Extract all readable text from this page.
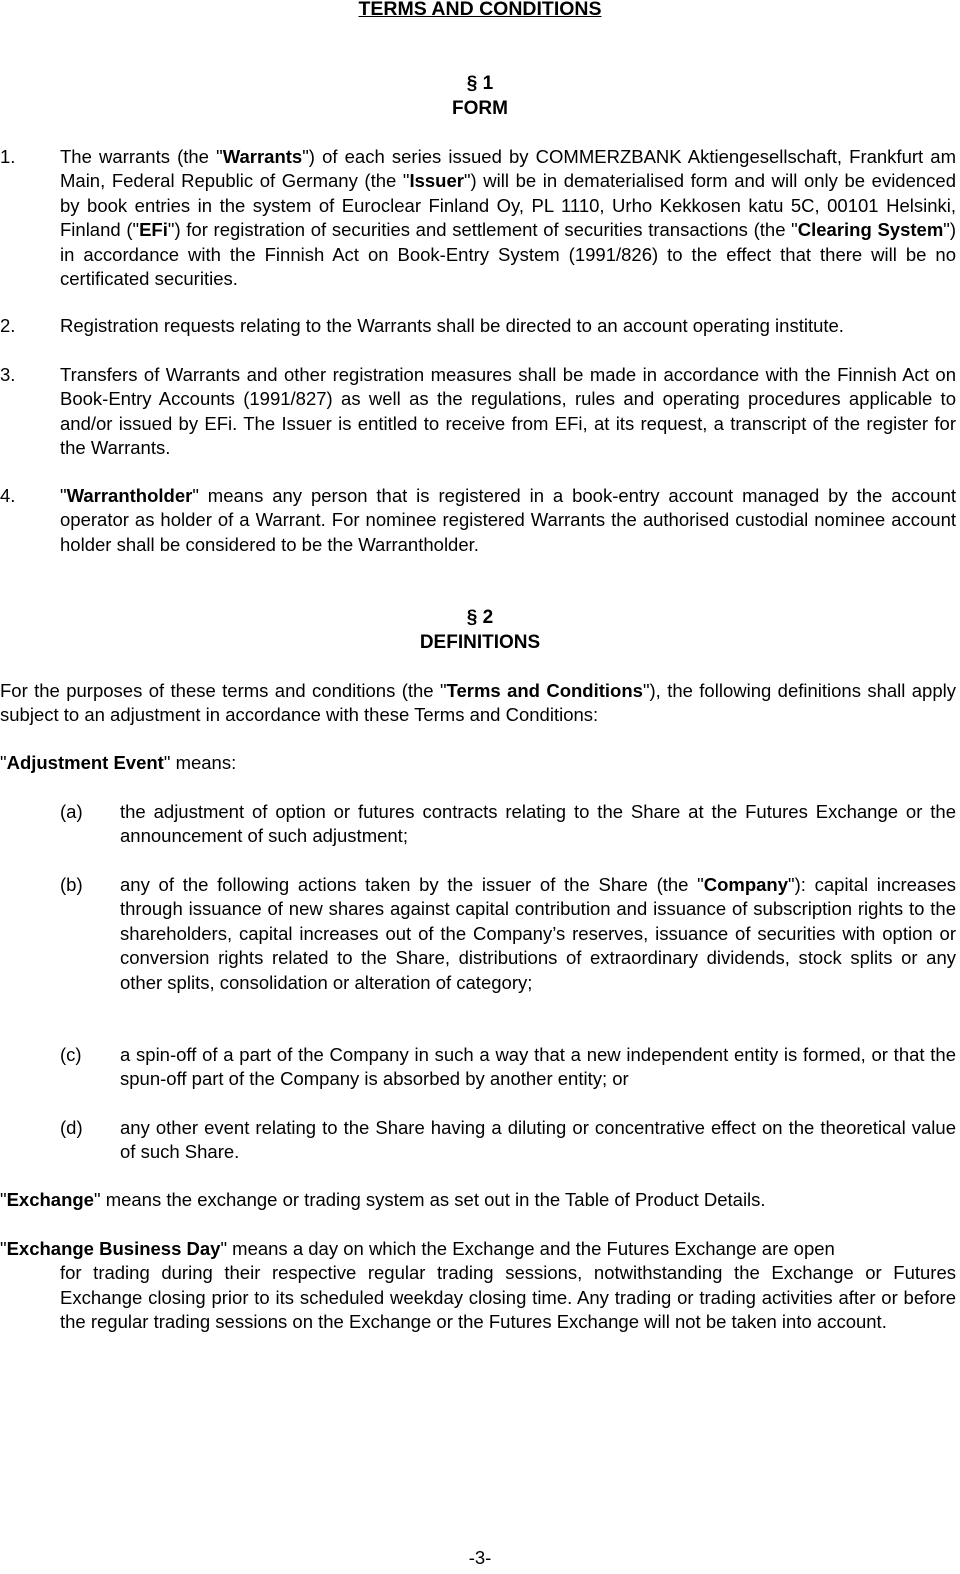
TERMS AND CONDITIONS
§ 1
FORM
1. The warrants (the "Warrants") of each series issued by COMMERZBANK Aktiengesellschaft, Frankfurt am Main, Federal Republic of Germany (the "Issuer") will be in dematerialised form and will only be evidenced by book entries in the system of Euroclear Finland Oy, PL 1110, Urho Kekkosen katu 5C, 00101 Helsinki, Finland ("EFi") for registration of securities and settlement of securities transactions (the "Clearing System") in accordance with the Finnish Act on Book-Entry System (1991/826) to the effect that there will be no certificated securities.
2. Registration requests relating to the Warrants shall be directed to an account operating institute.
3. Transfers of Warrants and other registration measures shall be made in accordance with the Finnish Act on Book-Entry Accounts (1991/827) as well as the regulations, rules and operating procedures applicable to and/or issued by EFi. The Issuer is entitled to receive from EFi, at its request, a transcript of the register for the Warrants.
4. "Warrantholder" means any person that is registered in a book-entry account managed by the account operator as holder of a Warrant. For nominee registered Warrants the authorised custodial nominee account holder shall be considered to be the Warrantholder.
§ 2
DEFINITIONS
For the purposes of these terms and conditions (the "Terms and Conditions"), the following definitions shall apply subject to an adjustment in accordance with these Terms and Conditions:
"Adjustment Event" means:
(a) the adjustment of option or futures contracts relating to the Share at the Futures Exchange or the announcement of such adjustment;
(b) any of the following actions taken by the issuer of the Share (the "Company"): capital increases through issuance of new shares against capital contribution and issuance of subscription rights to the shareholders, capital increases out of the Company’s reserves, issuance of securities with option or conversion rights related to the Share, distributions of extraordinary dividends, stock splits or any other splits, consolidation or alteration of category;
(c) a spin-off of a part of the Company in such a way that a new independent entity is formed, or that the spun-off part of the Company is absorbed by another entity; or
(d) any other event relating to the Share having a diluting or concentrative effect on the theoretical value of such Share.
"Exchange" means the exchange or trading system as set out in the Table of Product Details.
"Exchange Business Day" means a day on which the Exchange and the Futures Exchange are open
for trading during their respective regular trading sessions, notwithstanding the Exchange or Futures Exchange closing prior to its scheduled weekday closing time. Any trading or trading activities after or before the regular trading sessions on the Exchange or the Futures Exchange will not be taken into account.
-3-
